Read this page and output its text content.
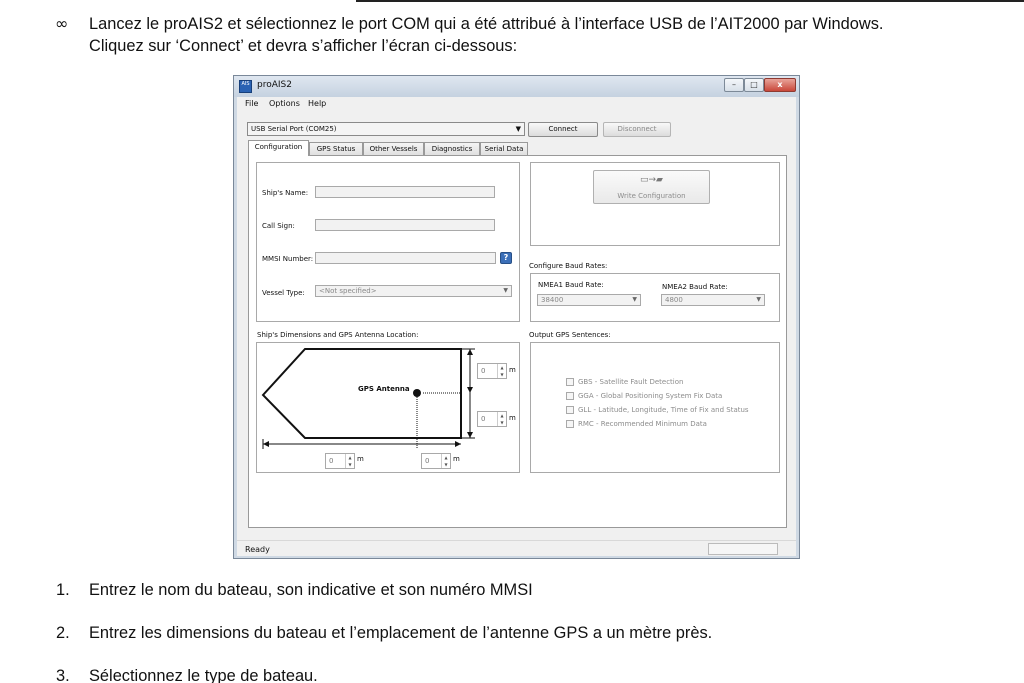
∞ Lancez le proAIS2 et sélectionnez le port COM qui a été attribué à l’interface USB de l’AIT2000 par Windows.
Cliquez sur ‘Connect’ et devra s’afficher l’écran ci-dessous:
AIS proAIS2	–	□	x
File Options Help
USB Serial Port (COM25)	▼	Connect	Disconnect
Configuration	GPS Status	Other Vessels	Diagnostics	Serial Data
Ship's Name:
Call Sign:
MMSI Number:	?
Vessel Type:	<Not specified>	▼
▭→▰
Write Configuration
Configure Baud Rates:
NMEA1 Baud Rate:
38400	▼
NMEA2 Baud Rate:
4800	▼
Ship's Dimensions and GPS Antenna Location:
GPS Antenna
0	▲
▼
m
0	▲
▼
m
0	▲
▼
m	0	▲
▼
m
Output GPS Sentences:
GBS - Satellite Fault Detection
GGA - Global Positioning System Fix Data
GLL - Latitude, Longitude, Time of Fix and Status
RMC - Recommended Minimum Data
Ready
1. Entrez le nom du bateau, son indicative et son numéro MMSI
2. Entrez les dimensions du bateau et l’emplacement de l’antenne GPS a un mètre près.
3. Sélectionnez le type de bateau.
